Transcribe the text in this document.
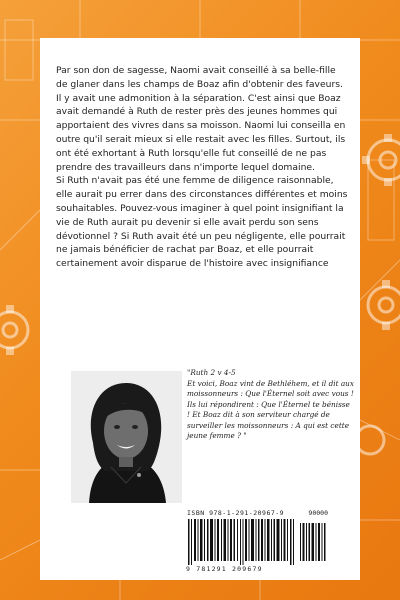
Par son don de sagesse, Naomi avait conseillé à sa belle-fille de glaner dans les champs de Boaz afin d'obtenir des faveurs. Il y avait une admonition à la séparation. C'est ainsi que Boaz avait demandé à Ruth de rester près des jeunes hommes qui apportaient des vivres dans sa moisson. Naomi lui conseilla en outre qu'il serait mieux si elle restait avec les filles. Surtout, ils ont été exhortant à Ruth lorsqu'elle fut conseillé de ne pas prendre des travailleurs dans n'importe lequel domaine.
Si Ruth n'avait pas été une femme de diligence raisonnable, elle aurait pu errer dans des circonstances différentes et moins souhaitables. Pouvez-vous imaginer à quel point insignifiant la vie de Ruth aurait pu devenir si elle avait perdu son sens dévotionnel ? Si Ruth avait été un peu négligente, elle pourrait ne jamais bénéficier de rachat par Boaz, et elle pourrait certainement avoir disparue de l'histoire avec insignifiance

"Ruth 2 v 4-5
Et voici, Boaz vint de Bethléhem, et il dit aux moissonneurs : Que l'Éternel soit avec vous ! Ils lui répondirent : Que l'Éternel te bénisse ! Et Boaz dit à son serviteur chargé de surveiller les moissonneurs : A qui est cette jeune femme ? "

ISBN 978-1-291-20967-9	90000
9 781291 209679
